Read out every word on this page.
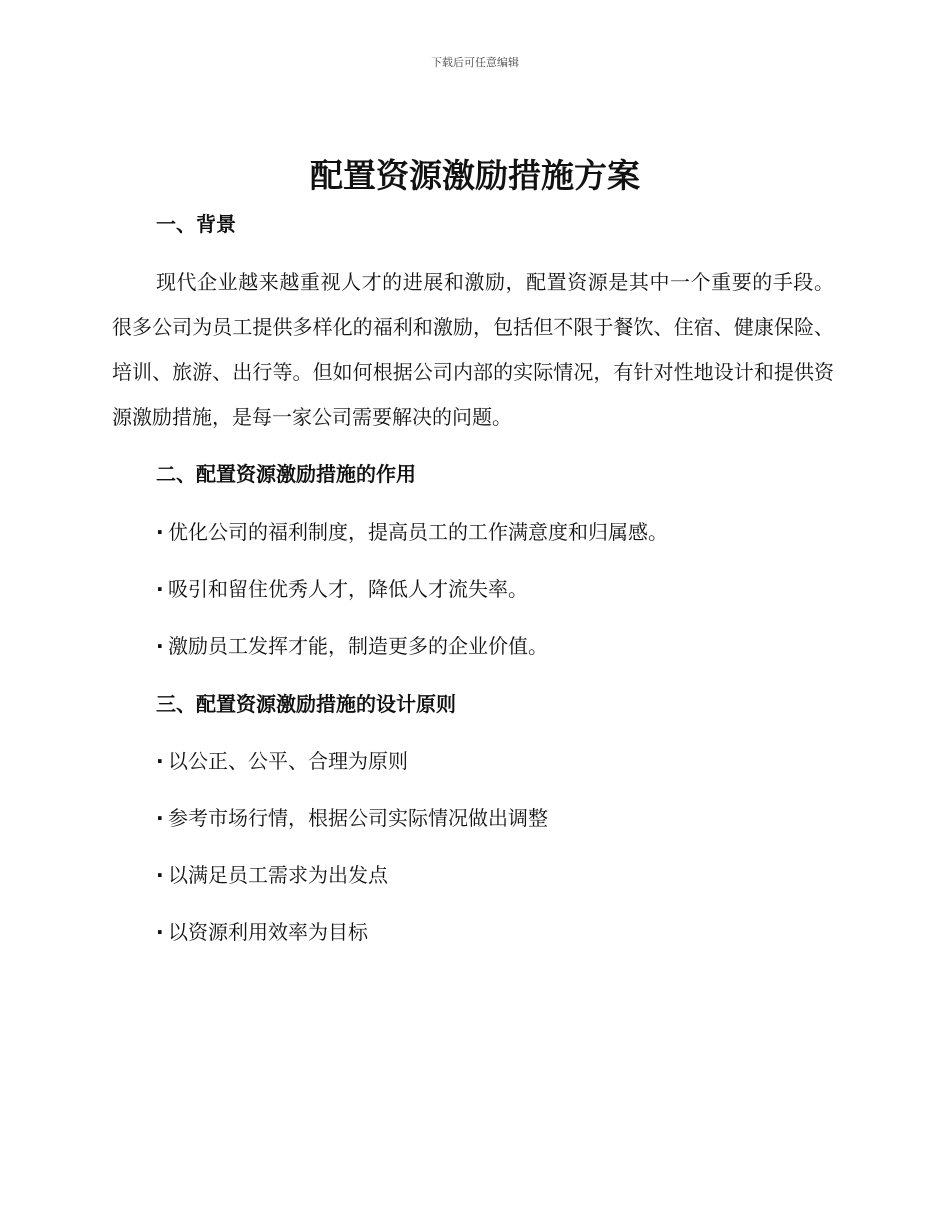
下载后可任意编辑
配置资源激励措施方案
一、背景

现代企业越来越重视人才的进展和激励，配置资源是其中一个重要的手段。很多公司为员工提供多样化的福利和激励，包括但不限于餐饮、住宿、健康保险、培训、旅游、出行等。但如何根据公司内部的实际情况，有针对性地设计和提供资源激励措施，是每一家公司需要解决的问题。

二、配置资源激励措施的作用

· 优化公司的福利制度，提高员工的工作满意度和归属感。

· 吸引和留住优秀人才，降低人才流失率。

· 激励员工发挥才能，制造更多的企业价值。

三、配置资源激励措施的设计原则

· 以公正、公平、合理为原则

· 参考市场行情，根据公司实际情况做出调整

· 以满足员工需求为出发点

· 以资源利用效率为目标
